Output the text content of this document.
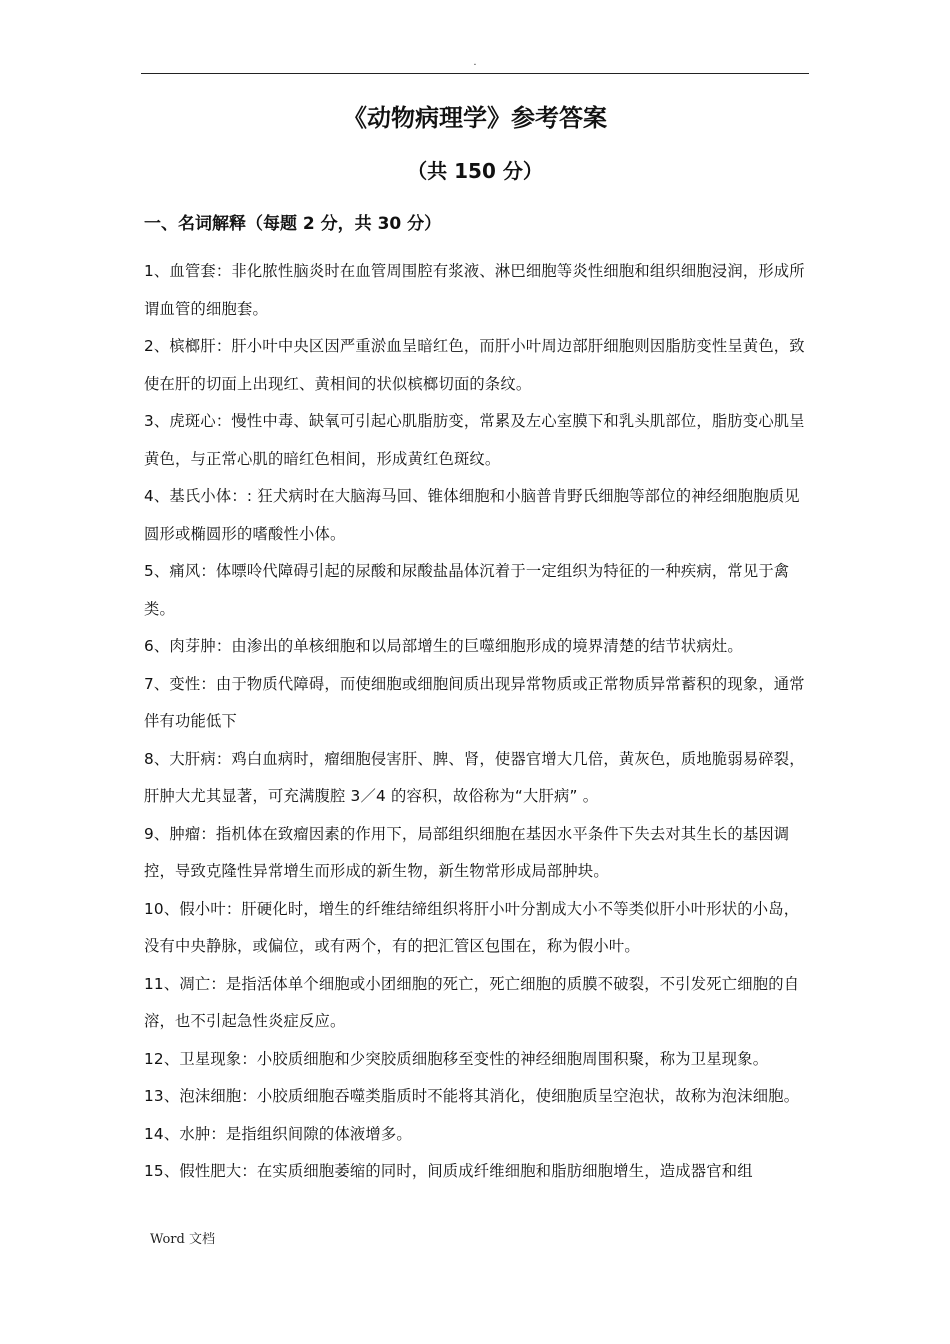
.
《动物病理学》参考答案
（共 150 分）
一、名词解释（每题 2 分，共 30 分）

1、血管套：非化脓性脑炎时在血管周围腔有浆液、淋巴细胞等炎性细胞和组织细胞浸润，形成所谓血管的细胞套。

2、槟榔肝：肝小叶中央区因严重淤血呈暗红色，而肝小叶周边部肝细胞则因脂肪变性呈黄色，致使在肝的切面上出现红、黄相间的状似槟榔切面的条纹。

3、虎斑心：慢性中毒、缺氧可引起心肌脂肪变，常累及左心室膜下和乳头肌部位，脂肪变心肌呈黄色，与正常心肌的暗红色相间，形成黄红色斑纹。

4、基氏小体：: 狂犬病时在大脑海马回、锥体细胞和小脑普肯野氏细胞等部位的神经细胞胞质见圆形或椭圆形的嗜酸性小体。

5、痛风：体嘌呤代障碍引起的尿酸和尿酸盐晶体沉着于一定组织为特征的一种疾病，常见于禽类。

6、肉芽肿：由渗出的单核细胞和以局部增生的巨噬细胞形成的境界清楚的结节状病灶。

7、变性：由于物质代障碍，而使细胞或细胞间质出现异常物质或正常物质异常蓄积的现象，通常伴有功能低下

8、大肝病：鸡白血病时，瘤细胞侵害肝、脾、肾，使器官增大几倍，黄灰色，质地脆弱易碎裂，肝肿大尤其显著，可充满腹腔 3／4 的容积，故俗称为“大肝病” 。

9、肿瘤：指机体在致瘤因素的作用下，局部组织细胞在基因水平条件下失去对其生长的基因调控，导致克隆性异常增生而形成的新生物，新生物常形成局部肿块。

10、假小叶：肝硬化时，增生的纤维结缔组织将肝小叶分割成大小不等类似肝小叶形状的小岛，没有中央静脉，或偏位，或有两个，有的把汇管区包围在，称为假小叶。

11、凋亡：是指活体单个细胞或小团细胞的死亡，死亡细胞的质膜不破裂，不引发死亡细胞的自溶，也不引起急性炎症反应。

12、卫星现象：小胶质细胞和少突胶质细胞移至变性的神经细胞周围积聚，称为卫星现象。

13、泡沫细胞：小胶质细胞吞噬类脂质时不能将其消化，使细胞质呈空泡状，故称为泡沫细胞。

14、水肿：是指组织间隙的体液增多。

15、假性肥大：在实质细胞萎缩的同时，间质成纤维细胞和脂肪细胞增生，造成器官和组

Word 文档
